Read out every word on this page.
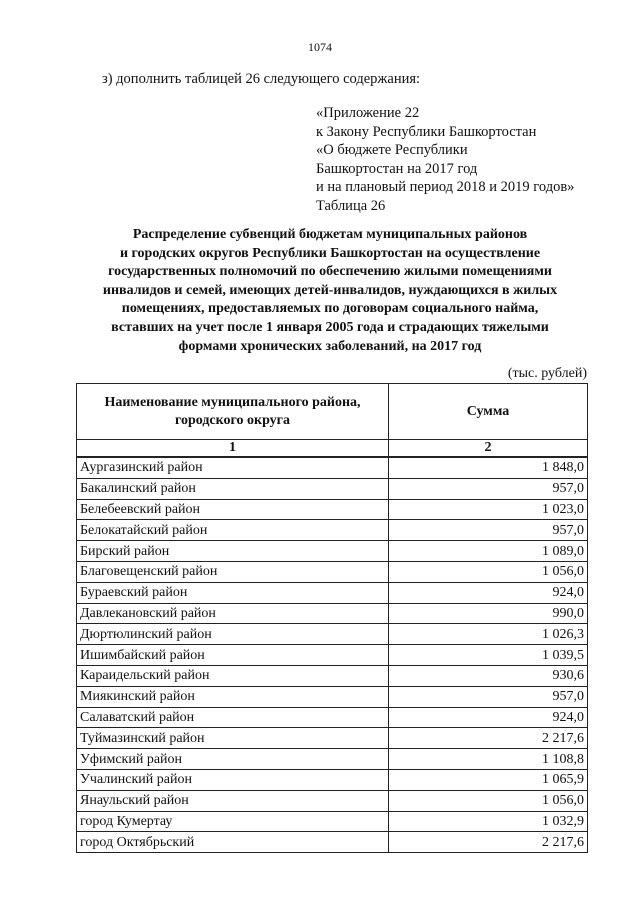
1074
з) дополнить таблицей 26 следующего содержания:
«Приложение 22
к Закону Республики Башкортостан
«О бюджете Республики
Башкортостан на 2017 год
и на плановый период 2018 и 2019 годов»
Таблица 26
Распределение субвенций бюджетам муниципальных районов
и городских округов Республики Башкортостан на осуществление
государственных полномочий по обеспечению жилыми помещениями
инвалидов и семей, имеющих детей-инвалидов, нуждающихся в жилых
помещениях, предоставляемых по договорам социального найма,
вставших на учет после 1 января 2005 года и страдающих тяжелыми
формами хронических заболеваний, на 2017 год
(тыс. рублей)
Наименование муниципального района, городского округа	Сумма
1	2
Аургазинский район	1 848,0
Бакалинский район	957,0
Белебеевский район	1 023,0
Белокатайский район	957,0
Бирский район	1 089,0
Благовещенский район	1 056,0
Бураевский район	924,0
Давлекановский район	990,0
Дюртюлинский район	1 026,3
Ишимбайский район	1 039,5
Караидельский район	930,6
Миякинский район	957,0
Салаватский район	924,0
Туймазинский район	2 217,6
Уфимский район	1 108,8
Учалинский район	1 065,9
Янаульский район	1 056,0
город Кумертау	1 032,9
город Октябрьский	2 217,6
